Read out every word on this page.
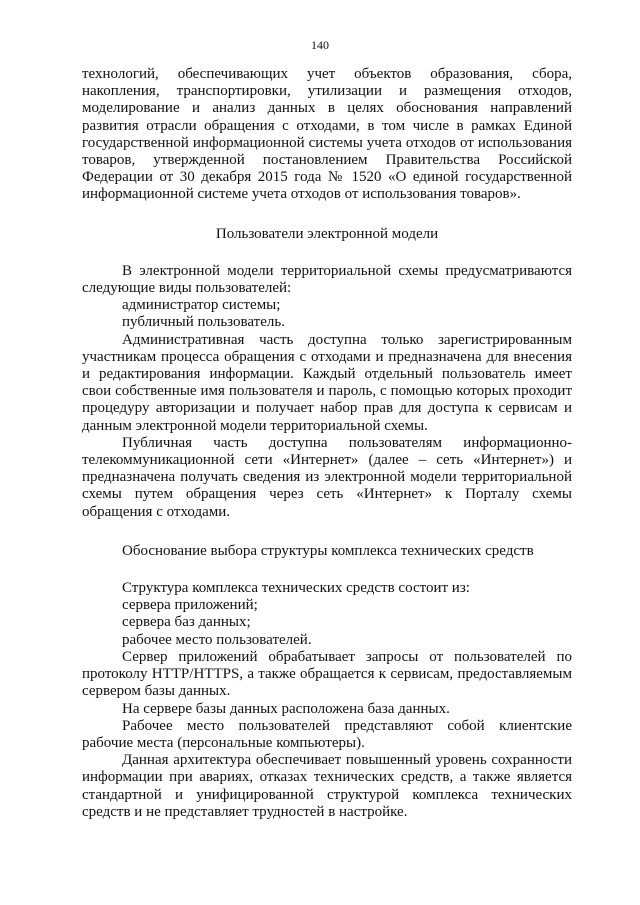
140

технологий, обеспечивающих учет объектов образования, сбора, накопления, транспортировки, утилизации и размещения отходов, моделирование и анализ данных в целях обоснования направлений развития отрасли обращения с отходами, в том числе в рамках Единой государственной информационной системы учета отходов от использования товаров, утвержденной постановлением Правительства Российской Федерации от 30 декабря 2015 года № 1520 «О единой государственной информационной системе учета отходов от использования товаров».

Пользователи электронной модели

В электронной модели территориальной схемы предусматриваются следующие виды пользователей:

администратор системы;
публичный пользователь.

Административная часть доступна только зарегистрированным участникам процесса обращения с отходами и предназначена для внесения и редактирования информации. Каждый отдельный пользователь имеет свои собственные имя пользователя и пароль, с помощью которых проходит процедуру авторизации и получает набор прав для доступа к сервисам и данным электронной модели территориальной схемы.

Публичная часть доступна пользователям информационно-телекоммуникационной сети «Интернет» (далее – сеть «Интернет») и предназначена получать сведения из электронной модели территориальной схемы путем обращения через сеть «Интернет» к Порталу схемы обращения с отходами.

Обоснование выбора структуры комплекса технических средств

Структура комплекса технических средств состоит из:

сервера приложений;
сервера баз данных;
рабочее место пользователей.

Сервер приложений обрабатывает запросы от пользователей по протоколу HTTP/HTTPS, а также обращается к сервисам, предоставляемым сервером базы данных.

На сервере базы данных расположена база данных.

Рабочее место пользователей представляют собой клиентские рабочие места (персональные компьютеры).

Данная архитектура обеспечивает повышенный уровень сохранности информации при авариях, отказах технических средств, а также является стандартной и унифицированной структурой комплекса технических средств и не представляет трудностей в настройке.
